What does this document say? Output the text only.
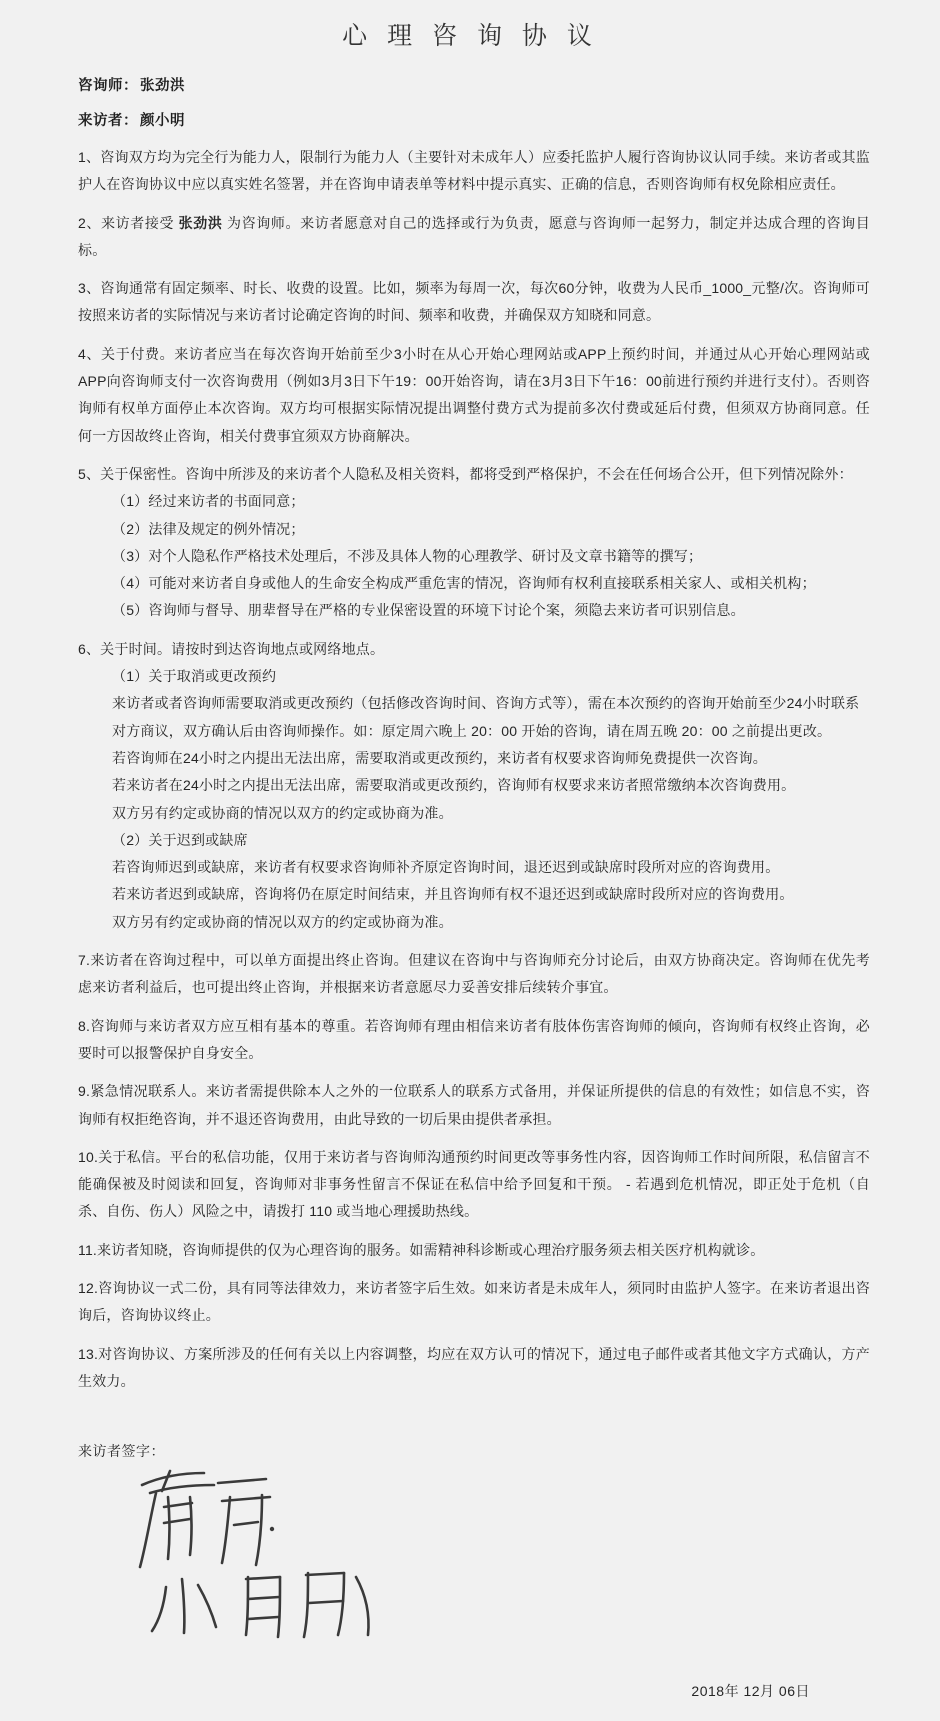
心 理 咨 询 协 议
咨询师： 张劲洪
来访者： 颜小明

1、咨询双方均为完全行为能力人，限制行为能力人（主要针对未成年人）应委托监护人履行咨询协议认同手续。来访者或其监护人在咨询协议中应以真实姓名签署，并在咨询申请表单等材料中提示真实、正确的信息，否则咨询师有权免除相应责任。

2、来访者接受 张劲洪 为咨询师。来访者愿意对自己的选择或行为负责，愿意与咨询师一起努力，制定并达成合理的咨询目标。

3、咨询通常有固定频率、时长、收费的设置。比如，频率为每周一次，每次60分钟，收费为人民币_1000_元整/次。咨询师可按照来访者的实际情况与来访者讨论确定咨询的时间、频率和收费，并确保双方知晓和同意。

4、关于付费。来访者应当在每次咨询开始前至少3小时在从心开始心理网站或APP上预约时间，并通过从心开始心理网站或APP向咨询师支付一次咨询费用（例如3月3日下午19：00开始咨询，请在3月3日下午16：00前进行预约并进行支付）。否则咨询师有权单方面停止本次咨询。双方均可根据实际情况提出调整付费方式为提前多次付费或延后付费，但须双方协商同意。任何一方因故终止咨询，相关付费事宜须双方协商解决。

5、关于保密性。咨询中所涉及的来访者个人隐私及相关资料，都将受到严格保护，不会在任何场合公开，但下列情况除外：

（1）经过来访者的书面同意；

（2）法律及规定的例外情况；

（3）对个人隐私作严格技术处理后，不涉及具体人物的心理教学、研讨及文章书籍等的撰写；

（4）可能对来访者自身或他人的生命安全构成严重危害的情况，咨询师有权利直接联系相关家人、或相关机构；

（5）咨询师与督导、朋辈督导在严格的专业保密设置的环境下讨论个案，须隐去来访者可识别信息。

6、关于时间。请按时到达咨询地点或网络地点。

（1）关于取消或更改预约

来访者或者咨询师需要取消或更改预约（包括修改咨询时间、咨询方式等），需在本次预约的咨询开始前至少24小时联系对方商议，双方确认后由咨询师操作。如：原定周六晚上 20：00 开始的咨询，请在周五晚 20：00 之前提出更改。

若咨询师在24小时之内提出无法出席，需要取消或更改预约，来访者有权要求咨询师免费提供一次咨询。

若来访者在24小时之内提出无法出席，需要取消或更改预约，咨询师有权要求来访者照常缴纳本次咨询费用。

双方另有约定或协商的情况以双方的约定或协商为准。

（2）关于迟到或缺席

若咨询师迟到或缺席，来访者有权要求咨询师补齐原定咨询时间，退还迟到或缺席时段所对应的咨询费用。

若来访者迟到或缺席，咨询将仍在原定时间结束，并且咨询师有权不退还迟到或缺席时段所对应的咨询费用。

双方另有约定或协商的情况以双方的约定或协商为准。

7.来访者在咨询过程中，可以单方面提出终止咨询。但建议在咨询中与咨询师充分讨论后，由双方协商决定。咨询师在优先考虑来访者利益后，也可提出终止咨询，并根据来访者意愿尽力妥善安排后续转介事宜。

8.咨询师与来访者双方应互相有基本的尊重。若咨询师有理由相信来访者有肢体伤害咨询师的倾向，咨询师有权终止咨询，必要时可以报警保护自身安全。

9.紧急情况联系人。来访者需提供除本人之外的一位联系人的联系方式备用，并保证所提供的信息的有效性；如信息不实，咨询师有权拒绝咨询，并不退还咨询费用，由此导致的一切后果由提供者承担。

10.关于私信。平台的私信功能，仅用于来访者与咨询师沟通预约时间更改等事务性内容，因咨询师工作时间所限，私信留言不能确保被及时阅读和回复，咨询师对非事务性留言不保证在私信中给予回复和干预。 - 若遇到危机情况，即正处于危机（自杀、自伤、伤人）风险之中，请拨打 110 或当地心理援助热线。

11.来访者知晓，咨询师提供的仅为心理咨询的服务。如需精神科诊断或心理治疗服务须去相关医疗机构就诊。

12.咨询协议一式二份，具有同等法律效力，来访者签字后生效。如来访者是未成年人，须同时由监护人签字。在来访者退出咨询后，咨询协议终止。

13.对咨询协议、方案所涉及的任何有关以上内容调整，均应在双方认可的情况下，通过电子邮件或者其他文字方式确认，方产生效力。

来访者签字：

2018年 12月 06日
